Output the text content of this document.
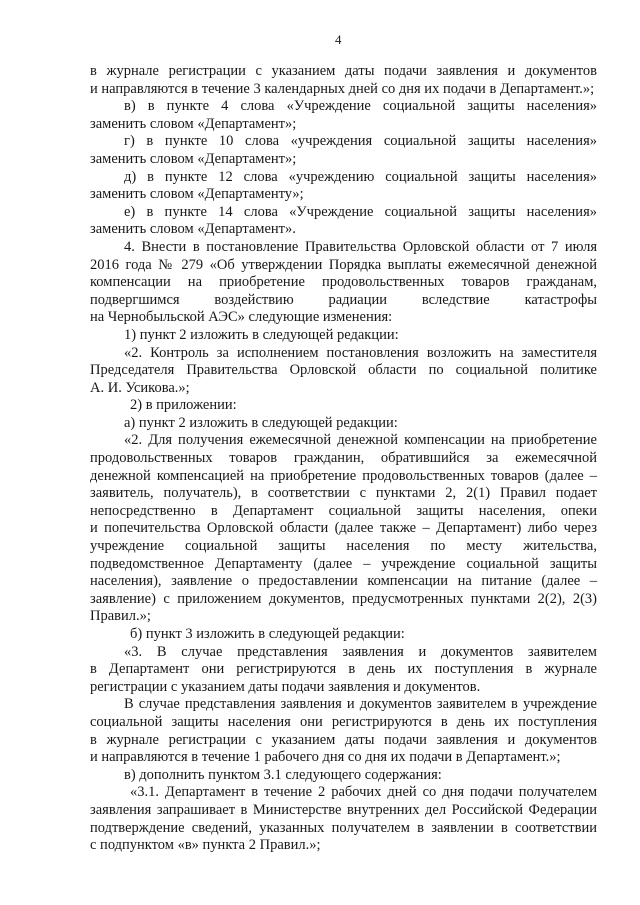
4
в журнале регистрации с указанием даты подачи заявления и документов
и направляются в течение 3 календарных дней со дня их подачи в Департамент.»;
в) в пункте 4 слова «Учреждение социальной защиты населения»
заменить словом «Департамент»;
г) в пункте 10 слова «учреждения социальной защиты населения»
заменить словом «Департамент»;
д) в пункте 12 слова «учреждению социальной защиты населения»
заменить словом «Департаменту»;
е) в пункте 14 слова «Учреждение социальной защиты населения»
заменить словом «Департамент».
4. Внести в постановление Правительства Орловской области от 7 июля
2016 года № 279 «Об утверждении Порядка выплаты ежемесячной денежной
компенсации на приобретение продовольственных товаров гражданам,
подвергшимся воздействию радиации вследствие катастрофы
на Чернобыльской АЭС» следующие изменения:
1) пункт 2 изложить в следующей редакции:
«2. Контроль за исполнением постановления возложить на заместителя
Председателя Правительства Орловской области по социальной политике
А. И. Усикова.»;
2) в приложении:
а) пункт 2 изложить в следующей редакции:
«2. Для получения ежемесячной денежной компенсации на приобретение
продовольственных товаров гражданин, обратившийся за ежемесячной
денежной компенсацией на приобретение продовольственных товаров (далее –
заявитель, получатель), в соответствии с пунктами 2, 2(1) Правил подает
непосредственно в Департамент социальной защиты населения, опеки
и попечительства Орловской области (далее также – Департамент) либо через
учреждение социальной защиты населения по месту жительства,
подведомственное Департаменту (далее – учреждение социальной защиты
населения), заявление о предоставлении компенсации на питание (далее –
заявление) с приложением документов, предусмотренных пунктами 2(2), 2(3)
Правил.»;
б) пункт 3 изложить в следующей редакции:
«3. В случае представления заявления и документов заявителем
в Департамент они регистрируются в день их поступления в журнале
регистрации с указанием даты подачи заявления и документов.
В случае представления заявления и документов заявителем в учреждение
социальной защиты населения они регистрируются в день их поступления
в журнале регистрации с указанием даты подачи заявления и документов
и направляются в течение 1 рабочего дня со дня их подачи в Департамент.»;
в) дополнить пунктом 3.1 следующего содержания:
«3.1. Департамент в течение 2 рабочих дней со дня подачи получателем
заявления запрашивает в Министерстве внутренних дел Российской Федерации
подтверждение сведений, указанных получателем в заявлении в соответствии
с подпунктом «в» пункта 2 Правил.»;
